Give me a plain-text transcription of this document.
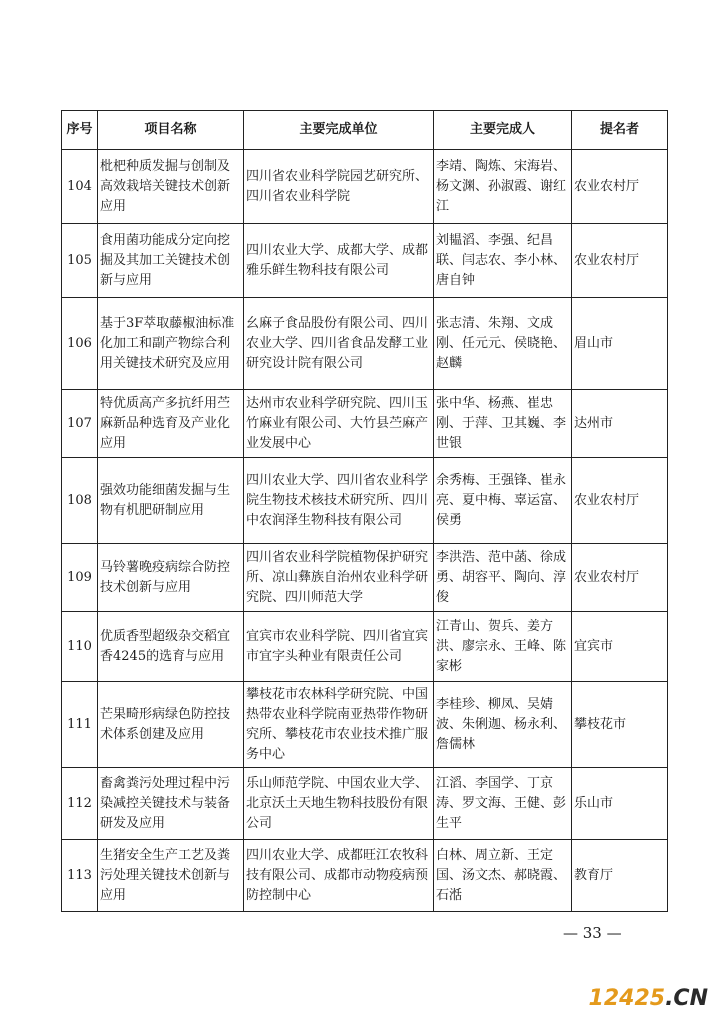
序号	项目名称	主要完成单位	主要完成人	提名者
104	枇杷种质发掘与创制及高效栽培关键技术创新应用	四川省农业科学院园艺研究所、四川省农业科学院	李靖、陶炼、宋海岩、杨文渊、孙淑霞、谢红江	农业农村厅
105	食用菌功能成分定向挖掘及其加工关键技术创新与应用	四川农业大学、成都大学、成都雅乐鲜生物科技有限公司	刘韫滔、李强、纪昌联、闫志农、李小林、唐自钟	农业农村厅
106	基于3F萃取藤椒油标准化加工和副产物综合利用关键技术研究及应用	幺麻子食品股份有限公司、四川农业大学、四川省食品发酵工业研究设计院有限公司	张志清、朱翔、文成刚、任元元、侯晓艳、赵麟	眉山市
107	特优质高产多抗纤用苎麻新品种选育及产业化应用	达州市农业科学研究院、四川玉竹麻业有限公司、大竹县苎麻产业发展中心	张中华、杨燕、崔忠刚、于萍、卫其巍、李世银	达州市
108	强效功能细菌发掘与生物有机肥研制应用	四川农业大学、四川省农业科学院生物技术核技术研究所、四川中农润泽生物科技有限公司	余秀梅、王强锋、崔永亮、夏中梅、辜运富、侯勇	农业农村厅
109	马铃薯晚疫病综合防控技术创新与应用	四川省农业科学院植物保护研究所、凉山彝族自治州农业科学研究院、四川师范大学	李洪浩、范中菡、徐成勇、胡容平、陶向、淳俊	农业农村厅
110	优质香型超级杂交稻宜香4245的选育与应用	宜宾市农业科学院、四川省宜宾市宜字头种业有限责任公司	江青山、贺兵、姜方洪、廖宗永、王峰、陈家彬	宜宾市
111	芒果畸形病绿色防控技术体系创建及应用	攀枝花市农林科学研究院、中国热带农业科学院南亚热带作物研究所、攀枝花市农业技术推广服务中心	李桂珍、柳凤、吴婧波、朱俐迦、杨永利、詹儒林	攀枝花市
112	畜禽粪污处理过程中污染减控关键技术与装备研发及应用	乐山师范学院、中国农业大学、北京沃土天地生物科技股份有限公司	江滔、李国学、丁京涛、罗文海、王健、彭生平	乐山市
113	生猪安全生产工艺及粪污处理关键技术创新与应用	四川农业大学、成都旺江农牧科技有限公司、成都市动物疫病预防控制中心	白林、周立新、王定国、汤文杰、郝晓霞、石湉	教育厅
— 33 —
12425.CN
